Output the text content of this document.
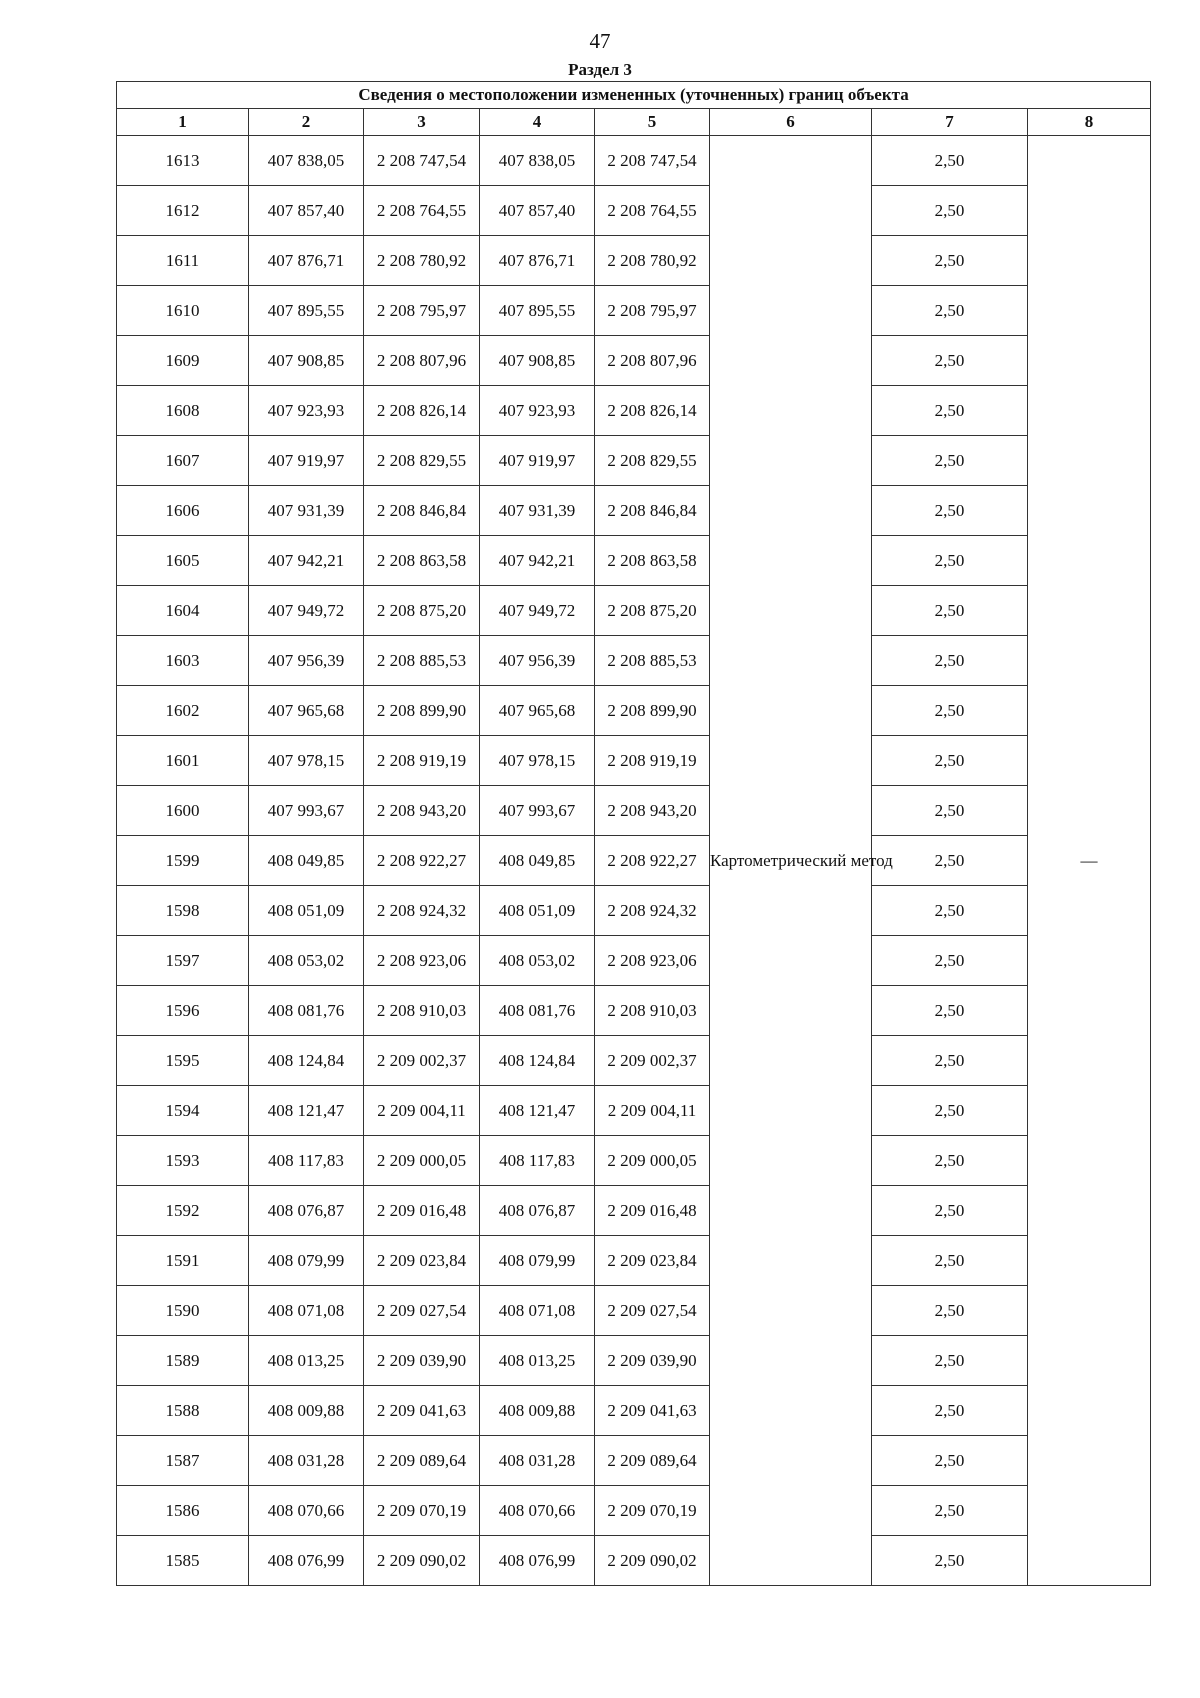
47
Раздел 3
Сведения о местоположении измененных (уточненных) границ объекта							
1	2	3	4	5	6	7	8
1613	407 838,05	2 208 747,54	407 838,05	2 208 747,54	Картометрический метод	2,50	—
1612	407 857,40	2 208 764,55	407 857,40	2 208 764,55		2,50	
1611	407 876,71	2 208 780,92	407 876,71	2 208 780,92		2,50	
1610	407 895,55	2 208 795,97	407 895,55	2 208 795,97		2,50	
1609	407 908,85	2 208 807,96	407 908,85	2 208 807,96		2,50	
1608	407 923,93	2 208 826,14	407 923,93	2 208 826,14		2,50	
1607	407 919,97	2 208 829,55	407 919,97	2 208 829,55		2,50	
1606	407 931,39	2 208 846,84	407 931,39	2 208 846,84		2,50	
1605	407 942,21	2 208 863,58	407 942,21	2 208 863,58		2,50	
1604	407 949,72	2 208 875,20	407 949,72	2 208 875,20		2,50	
1603	407 956,39	2 208 885,53	407 956,39	2 208 885,53		2,50	
1602	407 965,68	2 208 899,90	407 965,68	2 208 899,90		2,50	
1601	407 978,15	2 208 919,19	407 978,15	2 208 919,19		2,50	
1600	407 993,67	2 208 943,20	407 993,67	2 208 943,20		2,50	
1599	408 049,85	2 208 922,27	408 049,85	2 208 922,27		2,50	
1598	408 051,09	2 208 924,32	408 051,09	2 208 924,32		2,50	
1597	408 053,02	2 208 923,06	408 053,02	2 208 923,06		2,50	
1596	408 081,76	2 208 910,03	408 081,76	2 208 910,03		2,50	
1595	408 124,84	2 209 002,37	408 124,84	2 209 002,37		2,50	
1594	408 121,47	2 209 004,11	408 121,47	2 209 004,11		2,50	
1593	408 117,83	2 209 000,05	408 117,83	2 209 000,05		2,50	
1592	408 076,87	2 209 016,48	408 076,87	2 209 016,48		2,50	
1591	408 079,99	2 209 023,84	408 079,99	2 209 023,84		2,50	
1590	408 071,08	2 209 027,54	408 071,08	2 209 027,54		2,50	
1589	408 013,25	2 209 039,90	408 013,25	2 209 039,90		2,50	
1588	408 009,88	2 209 041,63	408 009,88	2 209 041,63		2,50	
1587	408 031,28	2 209 089,64	408 031,28	2 209 089,64		2,50	
1586	408 070,66	2 209 070,19	408 070,66	2 209 070,19		2,50	
1585	408 076,99	2 209 090,02	408 076,99	2 209 090,02		2,50	
